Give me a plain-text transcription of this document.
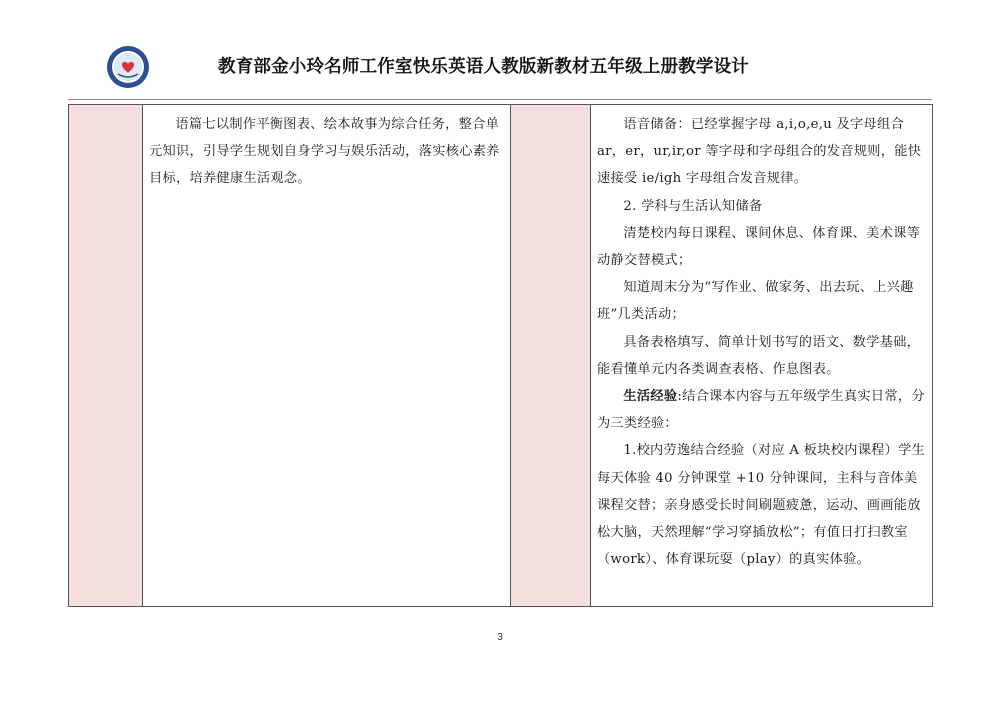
教育部金小玲名师工作室快乐英语人教版新教材五年级上册教学设计

语篇七以制作平衡图表、绘本故事为综合任务，整合单元知识，引导学生规划自身学习与娱乐活动，落实核心素养目标，培养健康生活观念。

语音储备：已经掌握字母 a,i,o,e,u 及字母组合 ar，er，ur,ir,or 等字母和字母组合的发音规则，能快速接受 ie/igh 字母组合发音规律。

2. 学科与生活认知储备

清楚校内每日课程、课间休息、体育课、美术课等动静交替模式；

知道周末分为“写作业、做家务、出去玩、上兴趣班”几类活动；

具备表格填写、简单计划书写的语文、数学基础，能看懂单元内各类调查表格、作息图表。

生活经验:结合课本内容与五年级学生真实日常，分为三类经验：

1.校内劳逸结合经验（对应 A 板块校内课程）学生每天体验 40 分钟课堂 +10 分钟课间，主科与音体美课程交替；亲身感受长时间刷题疲惫，运动、画画能放松大脑，天然理解“学习穿插放松”；有值日打扫教室（work）、体育课玩耍（play）的真实体验。

3
